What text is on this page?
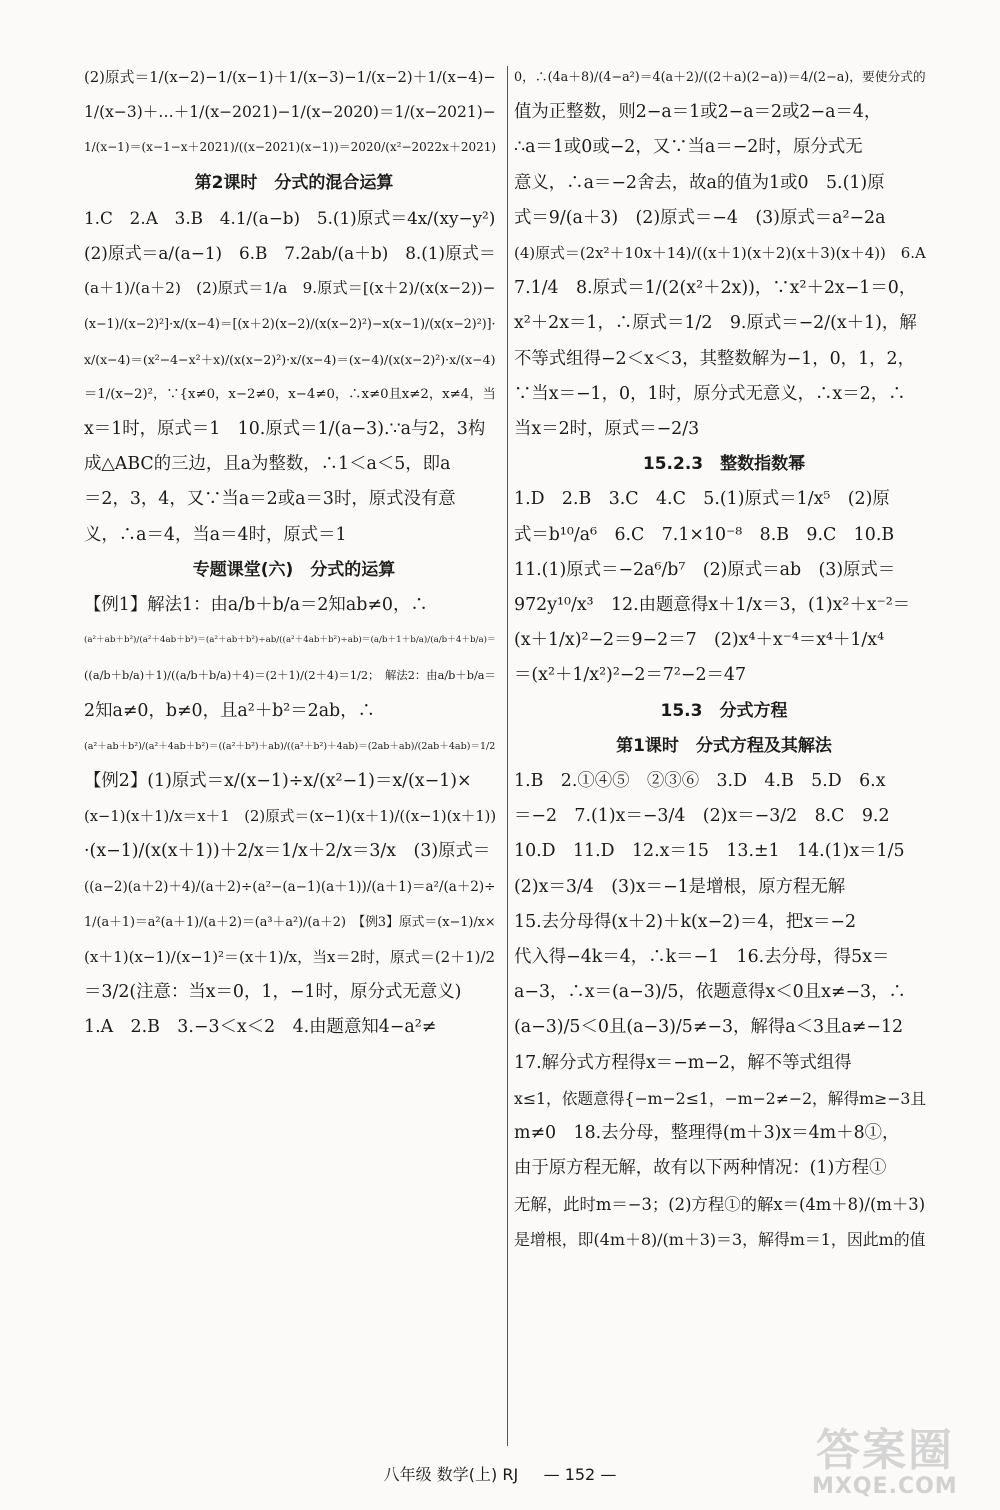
(2)原式＝1/(x−2)−1/(x−1)＋1/(x−3)−1/(x−2)＋1/(x−4)−
1/(x−3)＋…＋1/(x−2021)−1/(x−2020)＝1/(x−2021)−
1/(x−1)＝(x−1−x＋2021)/((x−2021)(x−1))＝2020/(x²−2022x＋2021)
第2课时　分式的混合运算
1.C　2.A　3.B　4.1/(a−b)　5.(1)原式＝4x/(xy−y²)
(2)原式＝a/(a−1)　6.B　7.2ab/(a＋b)　8.(1)原式＝
(a＋1)/(a＋2)　(2)原式＝1/a　9.原式＝[(x＋2)/(x(x−2))−
(x−1)/(x−2)²]·x/(x−4)＝[(x＋2)(x−2)/(x(x−2)²)−x(x−1)/(x(x−2)²)]·
x/(x−4)＝(x²−4−x²＋x)/(x(x−2)²)·x/(x−4)＝(x−4)/(x(x−2)²)·x/(x−4)
＝1/(x−2)²，∵{x≠0，x−2≠0，x−4≠0，∴x≠0且x≠2，x≠4，当
x＝1时，原式＝1　10.原式＝1/(a−3).∵a与2，3构
成△ABC的三边，且a为整数，∴1＜a＜5，即a
＝2，3，4，又∵当a＝2或a＝3时，原式没有意
义，∴a＝4，当a＝4时，原式＝1
专题课堂(六)　分式的运算
【例1】解法1：由a/b＋b/a＝2知ab≠0，∴
(a²＋ab＋b²)/(a²＋4ab＋b²)＝(a²＋ab＋b²)÷ab/((a²＋4ab＋b²)÷ab)＝(a/b＋1＋b/a)/(a/b＋4＋b/a)＝
((a/b＋b/a)＋1)/((a/b＋b/a)＋4)＝(2＋1)/(2＋4)＝1/2；　解法2：由a/b＋b/a＝
2知a≠0，b≠0，且a²＋b²＝2ab，∴
(a²＋ab＋b²)/(a²＋4ab＋b²)＝((a²＋b²)＋ab)/((a²＋b²)＋4ab)＝(2ab＋ab)/(2ab＋4ab)＝1/2
【例2】(1)原式＝x/(x−1)÷x/(x²−1)＝x/(x−1)×
(x−1)(x＋1)/x＝x＋1　(2)原式＝(x−1)(x＋1)/((x−1)(x＋1))
·(x−1)/(x(x＋1))＋2/x＝1/x＋2/x＝3/x　(3)原式＝
((a−2)(a＋2)＋4)/(a＋2)÷(a²−(a−1)(a＋1))/(a＋1)＝a²/(a＋2)÷
1/(a＋1)＝a²(a＋1)/(a＋2)＝(a³＋a²)/(a＋2)　【例3】原式＝(x−1)/x×
(x＋1)(x−1)/(x−1)²＝(x＋1)/x，当x＝2时，原式＝(2＋1)/2
＝3/2(注意：当x＝0，1，−1时，原分式无意义)
1.A　2.B　3.−3＜x＜2　4.由题意知4−a²≠
0，∴(4a＋8)/(4−a²)＝4(a＋2)/((2＋a)(2−a))＝4/(2−a)，要使分式的
值为正整数，则2−a＝1或2−a＝2或2−a＝4，
∴a＝1或0或−2，又∵当a＝−2时，原分式无
意义，∴a＝−2舍去，故a的值为1或0　5.(1)原
式＝9/(a＋3)　(2)原式＝−4　(3)原式＝a²−2a
(4)原式＝(2x²＋10x＋14)/((x＋1)(x＋2)(x＋3)(x＋4))　6.A
7.1/4　8.原式＝1/(2(x²＋2x))，∵x²＋2x−1＝0，
x²＋2x＝1，∴原式＝1/2　9.原式＝−2/(x＋1)，解
不等式组得−2＜x＜3，其整数解为−1，0，1，2，
∵当x＝−1，0，1时，原分式无意义，∴x＝2，∴
当x＝2时，原式＝−2/3
15.2.3　整数指数幂
1.D　2.B　3.C　4.C　5.(1)原式＝1/x⁵　(2)原
式＝b¹⁰/a⁶　6.C　7.1×10⁻⁸　8.B　9.C　10.B
11.(1)原式＝−2a⁶/b⁷　(2)原式＝ab　(3)原式＝
972y¹⁰/x³　12.由题意得x＋1/x＝3，(1)x²＋x⁻²＝
(x＋1/x)²−2＝9−2＝7　(2)x⁴＋x⁻⁴＝x⁴＋1/x⁴
＝(x²＋1/x²)²−2＝7²−2＝47
15.3　分式方程
第1课时　分式方程及其解法
1.B　2.①④⑤　②③⑥　3.D　4.B　5.D　6.x
＝−2　7.(1)x＝−3/4　(2)x＝−3/2　8.C　9.2
10.D　11.D　12.x＝15　13.±1　14.(1)x＝1/5
(2)x＝3/4　(3)x＝−1是增根，原方程无解
15.去分母得(x＋2)＋k(x−2)＝4，把x＝−2
代入得−4k＝4，∴k＝−1　16.去分母，得5x＝
a−3，∴x＝(a−3)/5，依题意得x＜0且x≠−3，∴
(a−3)/5＜0且(a−3)/5≠−3，解得a＜3且a≠−12
17.解分式方程得x＝−m−2，解不等式组得
x≤1，依题意得{−m−2≤1，−m−2≠−2，解得m≥−3且
m≠0　18.去分母，整理得(m＋3)x＝4m＋8①，
由于原方程无解，故有以下两种情况：(1)方程①
无解，此时m＝−3；(2)方程①的解x＝(4m＋8)/(m＋3)
是增根，即(4m＋8)/(m＋3)＝3，解得m＝1，因此m的值
八年级 数学(上) RJ — 152 —	答案圈
MXQE.COM
